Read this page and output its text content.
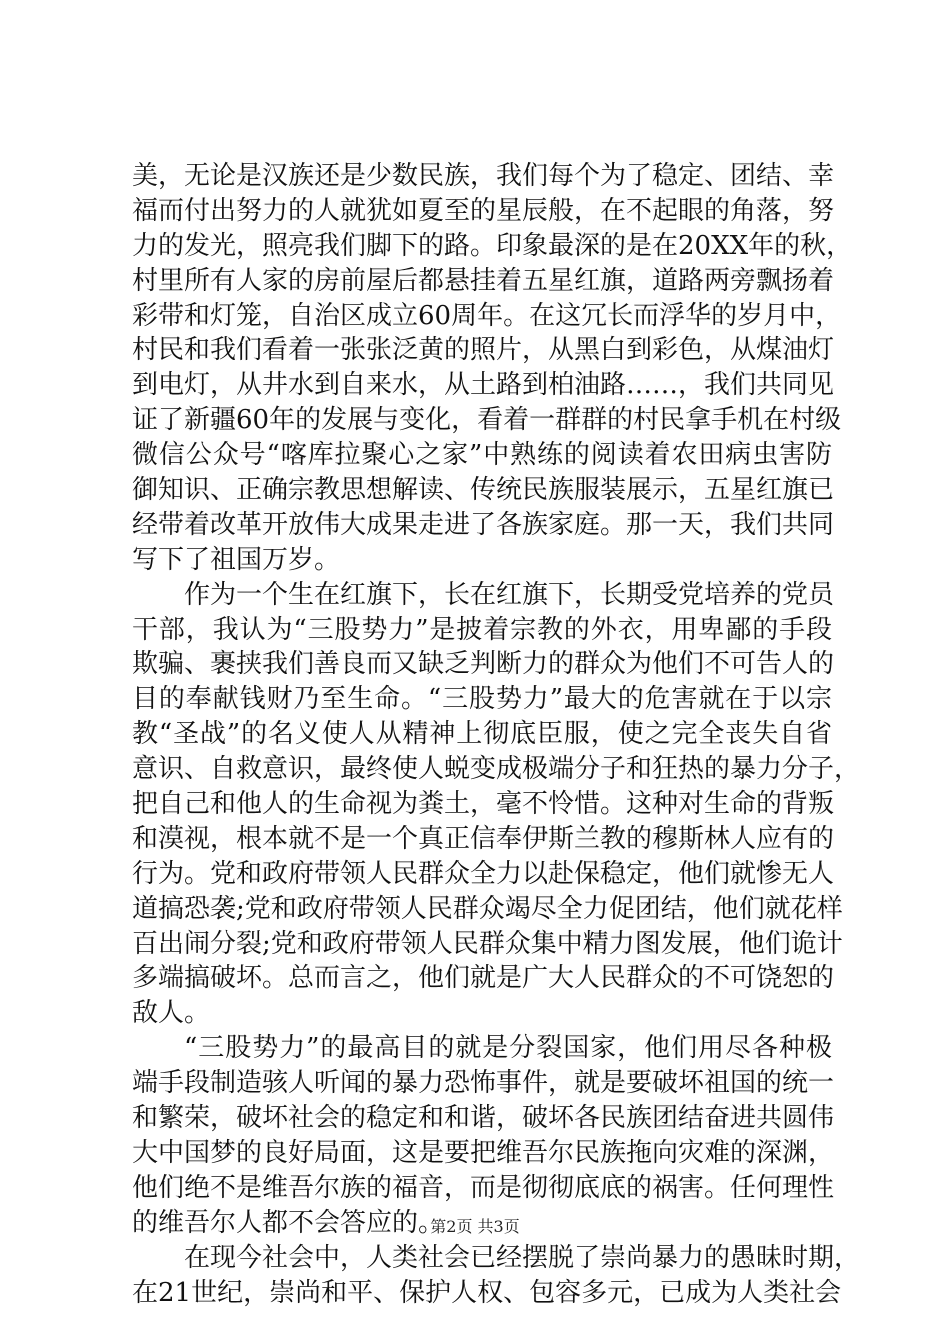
美，无论是汉族还是少数民族，我们每个为了稳定、团结、幸
福而付出努力的人就犹如夏至的星辰般，在不起眼的角落，努
力的发光，照亮我们脚下的路。印象最深的是在20XX年的秋，
村里所有人家的房前屋后都悬挂着五星红旗，道路两旁飘扬着
彩带和灯笼，自治区成立60周年。在这冗长而浮华的岁月中，
村民和我们看着一张张泛黄的照片，从黑白到彩色，从煤油灯
到电灯，从井水到自来水，从土路到柏油路……，我们共同见
证了新疆60年的发展与变化，看着一群群的村民拿手机在村级
微信公众号“喀库拉聚心之家”中熟练的阅读着农田病虫害防
御知识、正确宗教思想解读、传统民族服装展示，五星红旗已
经带着改革开放伟大成果走进了各族家庭。那一天，我们共同
写下了祖国万岁。
作为一个生在红旗下，长在红旗下，长期受党培养的党员
干部，我认为“三股势力”是披着宗教的外衣，用卑鄙的手段
欺骗、裹挟我们善良而又缺乏判断力的群众为他们不可告人的
目的奉献钱财乃至生命。“三股势力”最大的危害就在于以宗
教“圣战”的名义使人从精神上彻底臣服，使之完全丧失自省
意识、自救意识，最终使人蜕变成极端分子和狂热的暴力分子，
把自己和他人的生命视为粪土，毫不怜惜。这种对生命的背叛
和漠视，根本就不是一个真正信奉伊斯兰教的穆斯林人应有的
行为。党和政府带领人民群众全力以赴保稳定，他们就惨无人
道搞恐袭;党和政府带领人民群众竭尽全力促团结，他们就花样
百出闹分裂;党和政府带领人民群众集中精力图发展，他们诡计
多端搞破坏。总而言之，他们就是广大人民群众的不可饶恕的
敌人。
“三股势力”的最高目的就是分裂国家，他们用尽各种极
端手段制造骇人听闻的暴力恐怖事件，就是要破坏祖国的统一
和繁荣，破坏社会的稳定和和谐，破坏各民族团结奋进共圆伟
大中国梦的良好局面，这是要把维吾尔民族拖向灾难的深渊，
他们绝不是维吾尔族的福音，而是彻彻底底的祸害。任何理性
的维吾尔人都不会答应的。
在现今社会中，人类社会已经摆脱了崇尚暴力的愚昧时期，
在21世纪，崇尚和平、保护人权、包容多元，已成为人类社会
第2页 共3页
